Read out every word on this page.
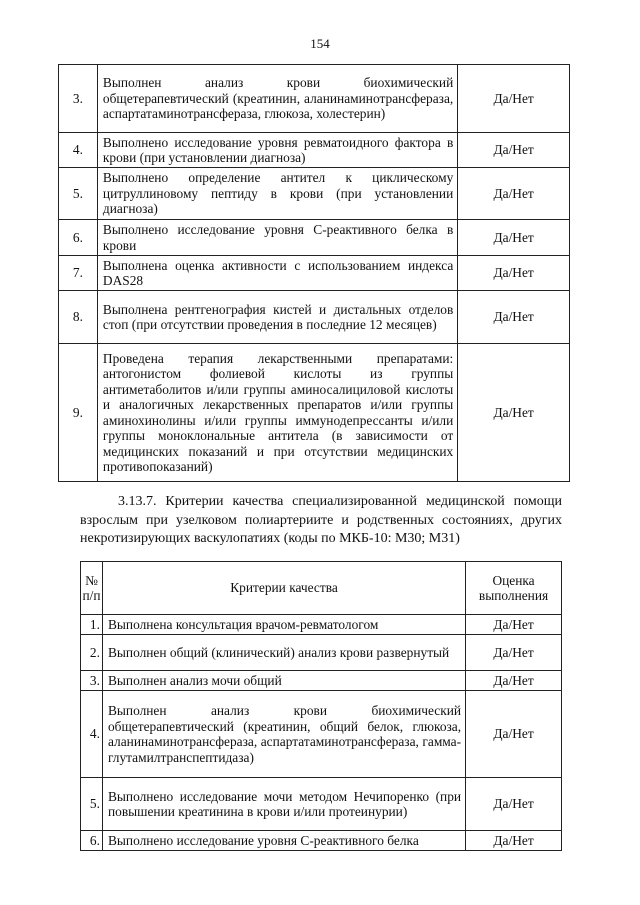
154
3.	Выполнен анализ крови биохимический общетерапевтический (креатинин, аланинаминотрансфераза, аспартатаминотрансфераза, глюкоза, холестерин)	Да/Нет
4.	Выполнено исследование уровня ревматоидного фактора в крови (при установлении диагноза)	Да/Нет
5.	Выполнено определение антител к циклическому цитруллиновому пептиду в крови (при установлении диагноза)	Да/Нет
6.	Выполнено исследование уровня С-реактивного белка в крови	Да/Нет
7.	Выполнена оценка активности с использованием индекса DAS28	Да/Нет
8.	Выполнена рентгенография кистей и дистальных отделов стоп (при отсутствии проведения в последние 12 месяцев)	Да/Нет
9.	Проведена терапия лекарственными препаратами: антогонистом фолиевой кислоты из группы антиметаболитов и/или группы аминосалициловой кислоты и аналогичных лекарственных препаратов и/или группы аминохинолины и/или группы иммунодепрессанты и/или группы моноклональные антитела (в зависимости от медицинских показаний и при отсутствии медицинских противопоказаний)	Да/Нет
3.13.7. Критерии качества специализированной медицинской помощи взрослым при узелковом полиартериите и родственных состояниях, других некротизирующих васкулопатиях (коды по МКБ-10: М30; М31)
№ п/п	Критерии качества	Оценка выполнения
1.	Выполнена консультация врачом-ревматологом	Да/Нет
2.	Выполнен общий (клинический) анализ крови развернутый	Да/Нет
3.	Выполнен анализ мочи общий	Да/Нет
4.	Выполнен анализ крови биохимический общетерапевтический (креатинин, общий белок, глюкоза, аланинаминотрансфераза, аспартатаминотрансфераза, гамма-глутамилтранспептидаза)	Да/Нет
5.	Выполнено исследование мочи методом Нечипоренко (при повышении креатинина в крови и/или протеинурии)	Да/Нет
6.	Выполнено исследование уровня С-реактивного белка	Да/Нет
